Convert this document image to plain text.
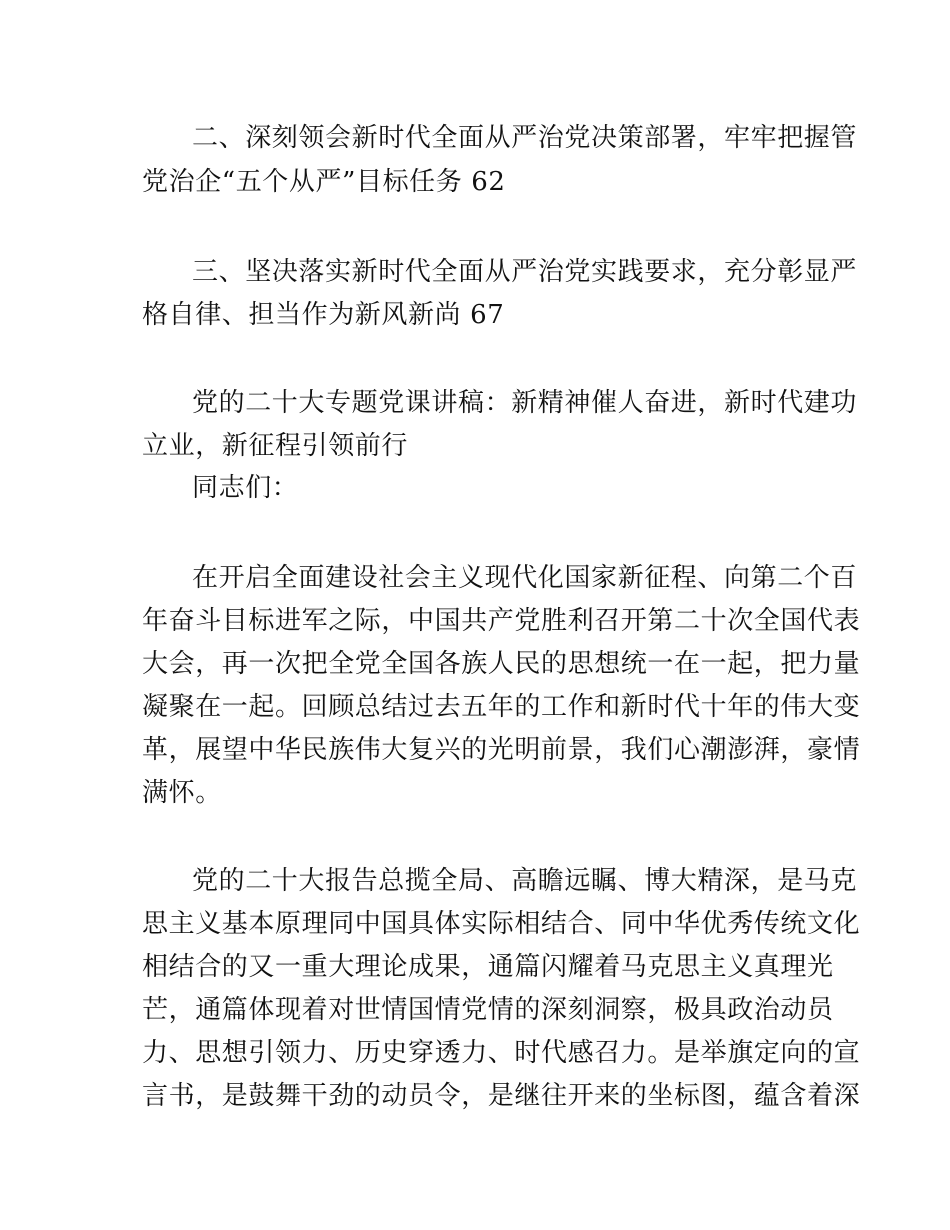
二、深刻领会新时代全面从严治党决策部署，牢牢把握管
党治企“五个从严”目标任务 62
三、坚决落实新时代全面从严治党实践要求，充分彰显严
格自律、担当作为新风新尚 67
党的二十大专题党课讲稿：新精神催人奋进，新时代建功
立业，新征程引领前行
同志们：
在开启全面建设社会主义现代化国家新征程、向第二个百
年奋斗目标进军之际，中国共产党胜利召开第二十次全国代表
大会，再一次把全党全国各族人民的思想统一在一起，把力量
凝聚在一起。回顾总结过去五年的工作和新时代十年的伟大变
革，展望中华民族伟大复兴的光明前景，我们心潮澎湃，豪情
满怀。
党的二十大报告总揽全局、高瞻远瞩、博大精深，是马克
思主义基本原理同中国具体实际相结合、同中华优秀传统文化
相结合的又一重大理论成果，通篇闪耀着马克思主义真理光
芒，通篇体现着对世情国情党情的深刻洞察，极具政治动员
力、思想引领力、历史穿透力、时代感召力。是举旗定向的宣
言书，是鼓舞干劲的动员令，是继往开来的坐标图，蕴含着深
